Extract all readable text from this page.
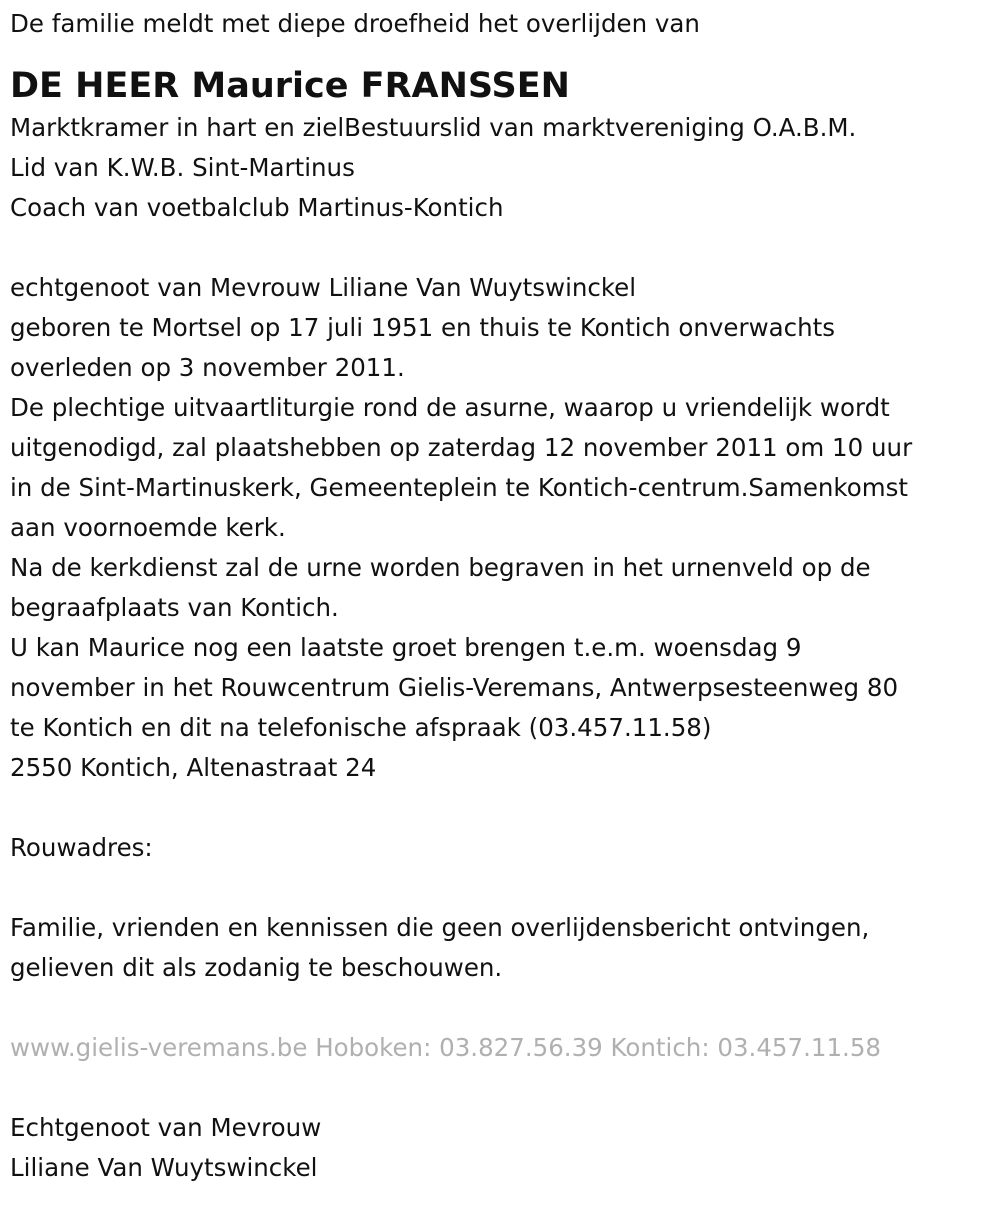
De familie meldt met diepe droefheid het overlijden van
DE HEER Maurice FRANSSEN
Marktkramer in hart en zielBestuurslid van marktvereniging O.A.B.M.
Lid van K.W.B. Sint-Martinus
Coach van voetbalclub Martinus-Kontich
echtgenoot van Mevrouw Liliane Van Wuytswinckel
geboren te Mortsel op 17 juli 1951 en thuis te Kontich onverwachts
overleden op 3 november 2011.
De plechtige uitvaartliturgie rond de asurne, waarop u vriendelijk wordt
uitgenodigd, zal plaatshebben op zaterdag 12 november 2011 om 10 uur
in de Sint-Martinuskerk, Gemeenteplein te Kontich-centrum.Samenkomst
aan voornoemde kerk.
Na de kerkdienst zal de urne worden begraven in het urnenveld op de
begraafplaats van Kontich.
U kan Maurice nog een laatste groet brengen t.e.m. woensdag 9
november in het Rouwcentrum Gielis-Veremans, Antwerpsesteenweg 80
te Kontich en dit na telefonische afspraak (03.457.11.58)
2550 Kontich, Altenastraat 24
Rouwadres:
Familie, vrienden en kennissen die geen overlijdensbericht ontvingen,
gelieven dit als zodanig te beschouwen.
www.gielis-veremans.be Hoboken: 03.827.56.39 Kontich: 03.457.11.58
Echtgenoot van Mevrouw
Liliane Van Wuytswinckel
